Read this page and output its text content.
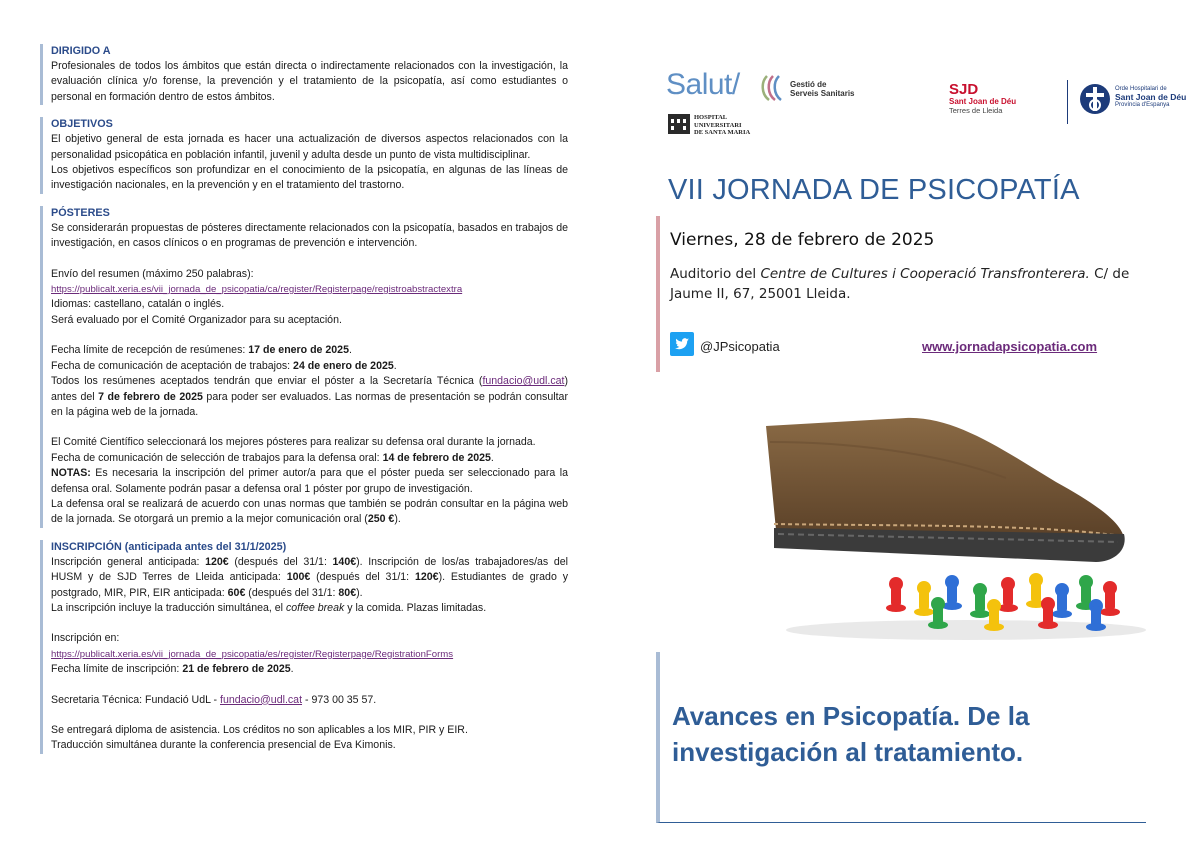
DIRIGIDO A

Profesionales de todos los ámbitos que están directa o indirectamente relacionados con la investigación, la evaluación clínica y/o forense, la prevención y el tratamiento de la psicopatía, así como estudiantes o personal en formación dentro de estos ámbitos.

OBJETIVOS

El objetivo general de esta jornada es hacer una actualización de diversos aspectos relacionados con la personalidad psicopática en población infantil, juvenil y adulta desde un punto de vista multidisciplinar.

Los objetivos específicos son profundizar en el conocimiento de la psicopatía, en algunas de las líneas de investigación nacionales, en la prevención y en el tratamiento del trastorno.

PÓSTERES

Se considerarán propuestas de pósteres directamente relacionados con la psicopatía, basados en trabajos de investigación, en casos clínicos o en programas de prevención e intervención.

Envío del resumen (máximo 250 palabras):

https://publicalt.xeria.es/vii_jornada_de_psicopatia/ca/register/Registerpage/registroabstractextra

Idiomas: castellano, catalán o inglés.

Será evaluado por el Comité Organizador para su aceptación.

Fecha límite de recepción de resúmenes: 17 de enero de 2025.

Fecha de comunicación de aceptación de trabajos: 24 de enero de 2025.

Todos los resúmenes aceptados tendrán que enviar el póster a la Secretaría Técnica (fundacio@udl.cat) antes del 7 de febrero de 2025 para poder ser evaluados. Las normas de presentación se podrán consultar en la página web de la jornada.

El Comité Científico seleccionará los mejores pósteres para realizar su defensa oral durante la jornada.

Fecha de comunicación de selección de trabajos para la defensa oral: 14 de febrero de 2025.

NOTAS: Es necesaria la inscripción del primer autor/a para que el póster pueda ser seleccionado para la defensa oral. Solamente podrán pasar a defensa oral 1 póster por grupo de investigación.

La defensa oral se realizará de acuerdo con unas normas que también se podrán consultar en la página web de la jornada. Se otorgará un premio a la mejor comunicación oral (250 €).

INSCRIPCIÓN (anticipada antes del 31/1/2025)

Inscripción general anticipada: 120€ (después del 31/1: 140€). Inscripción de los/as trabajadores/as del HUSM y de SJD Terres de Lleida anticipada: 100€ (después del 31/1: 120€). Estudiantes de grado y postgrado, MIR, PIR, EIR anticipada: 60€ (después del 31/1: 80€).

La inscripción incluye la traducción simultánea, el coffee break y la comida. Plazas limitadas.

Inscripción en:

https://publicalt.xeria.es/vii_jornada_de_psicopatia/es/register/Registerpage/RegistrationForms

Fecha límite de inscripción: 21 de febrero de 2025.

Secretaria Técnica: Fundació UdL - fundacio@udl.cat - 973 00 35 57.

Se entregará diploma de asistencia. Los créditos no son aplicables a los MIR, PIR y EIR.

Traducción simultánea durante la conferencia presencial de Eva Kimonis.

Salut/	Gestió de
Serveis Sanitaris
HOSPITAL
UNIVERSITARI
DE SANTA MARIA
SJD
Sant Joan de Déu
Terres de Lleida
Orde Hospitalari de
Sant Joan de Déu
Província d'Espanya
VII JORNADA DE PSICOPATÍA
Viernes, 28 de febrero de 2025
Auditorio del Centre de Cultures i Cooperació Transfronterera. C/ de Jaume II, 67, 25001 Lleida.
@JPsicopatia	www.jornadapsicopatia.com
Avances en Psicopatía. De la investigación al tratamiento.
